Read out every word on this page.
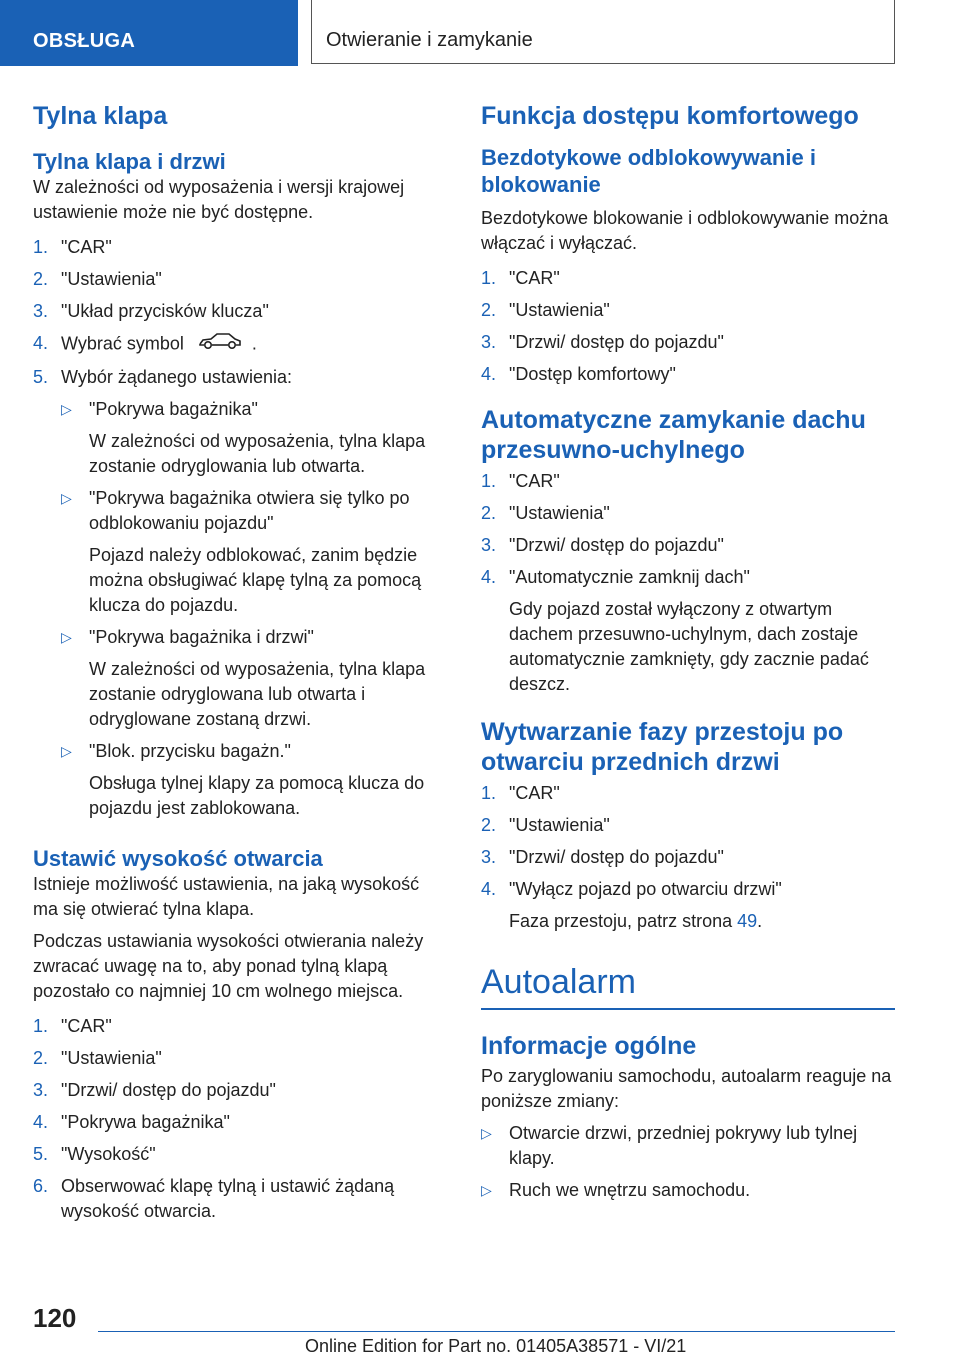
OBSŁUGA	Otwieranie i zamykanie
Tylna klapa
Tylna klapa i drzwi

W zależności od wyposażenia i wersji krajowej ustawienie może nie być dostępne.

1. "CAR"
2. "Ustawienia"
3. "Układ przycisków klucza"
4. Wybrać symbol	.
5. Wybór żądanego ustawienia:
▷ "Pokrywa bagażnika"
W zależności od wyposażenia, tylna klapa zostanie odryglowania lub otwarta.
▷ "Pokrywa bagażnika otwiera się tylko po odblokowaniu pojazdu"
Pojazd należy odblokować, zanim będzie można obsługiwać klapę tylną za pomocą klucza do pojazdu.
▷ "Pokrywa bagażnika i drzwi"
W zależności od wyposażenia, tylna klapa zostanie odryglowana lub otwarta i odryglowane zostaną drzwi.
▷ "Blok. przycisku bagażn."
Obsługa tylnej klapy za pomocą klucza do pojazdu jest zablokowana.
Ustawić wysokość otwarcia

Istnieje możliwość ustawienia, na jaką wysokość ma się otwierać tylna klapa.

Podczas ustawiania wysokości otwierania należy zwracać uwagę na to, aby ponad tylną klapą pozostało co najmniej 10 cm wolnego miejsca.

1. "CAR"
2. "Ustawienia"
3. "Drzwi/ dostęp do pojazdu"
4. "Pokrywa bagażnika"
5. "Wysokość"
6. Obserwować klapę tylną i ustawić żądaną wysokość otwarcia.
Funkcja dostępu komfortowego
Bezdotykowe odblokowywanie i blokowanie

Bezdotykowe blokowanie i odblokowywanie można włączać i wyłączać.

1. "CAR"
2. "Ustawienia"
3. "Drzwi/ dostęp do pojazdu"
4. "Dostęp komfortowy"
Automatyczne zamykanie dachu przesuwno-uchylnego
1. "CAR"
2. "Ustawienia"
3. "Drzwi/ dostęp do pojazdu"
4. "Automatycznie zamknij dach"
Gdy pojazd został wyłączony z otwartym dachem przesuwno-uchylnym, dach zostaje automatycznie zamknięty, gdy zacznie padać deszcz.
Wytwarzanie fazy przestoju po otwarciu przednich drzwi
1. "CAR"
2. "Ustawienia"
3. "Drzwi/ dostęp do pojazdu"
4. "Wyłącz pojazd po otwarciu drzwi"
Faza przestoju, patrz strona 49.
Autoalarm
Informacje ogólne

Po zaryglowaniu samochodu, autoalarm reaguje na poniższe zmiany:

▷ Otwarcie drzwi, przedniej pokrywy lub tylnej klapy.
▷ Ruch we wnętrzu samochodu.
120
Online Edition for Part no. 01405A38571 - VI/21
